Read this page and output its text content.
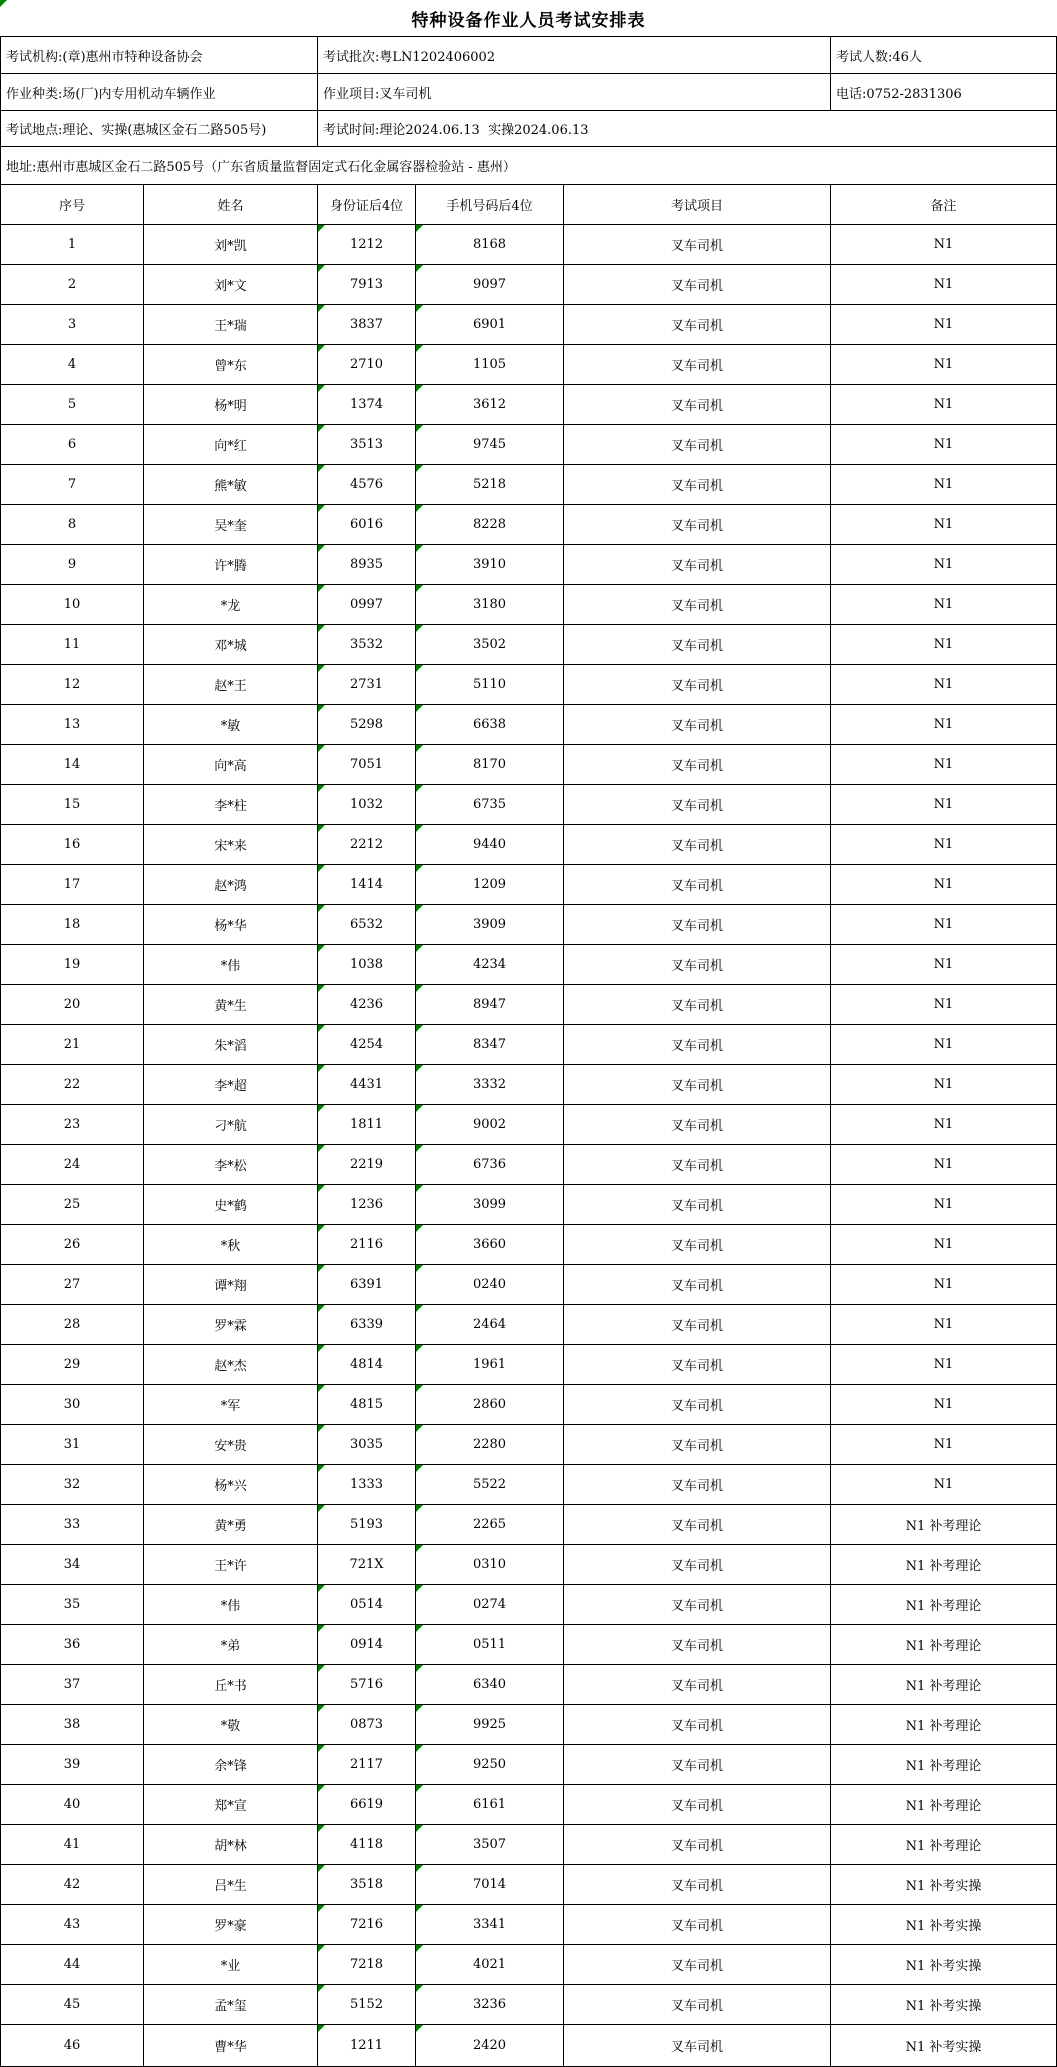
特种设备作业人员考试安排表
考试机构:(章)惠州市特种设备协会	考试批次:粤LN1202406002	考试人数:46人
作业种类:场(厂)内专用机动车辆作业	作业项目:叉车司机	电话:0752-2831306
考试地点:理论、实操(惠城区金石二路505号)	考试时间:理论2024.06.13  实操2024.06.13
地址:惠州市惠城区金石二路505号（广东省质量监督固定式石化金属容器检验站 - 惠州）
序号	姓名	身份证后4位	手机号码后4位	考试项目	备注
1	刘*凯	1212	8168	叉车司机	N1
2	刘*文	7913	9097	叉车司机	N1
3	王*瑞	3837	6901	叉车司机	N1
4	曾*东	2710	1105	叉车司机	N1
5	杨*明	1374	3612	叉车司机	N1
6	向*红	3513	9745	叉车司机	N1
7	熊*敏	4576	5218	叉车司机	N1
8	吴*奎	6016	8228	叉车司机	N1
9	许*腾	8935	3910	叉车司机	N1
10	*龙	0997	3180	叉车司机	N1
11	邓*城	3532	3502	叉车司机	N1
12	赵*王	2731	5110	叉车司机	N1
13	*敏	5298	6638	叉车司机	N1
14	向*高	7051	8170	叉车司机	N1
15	李*柱	1032	6735	叉车司机	N1
16	宋*来	2212	9440	叉车司机	N1
17	赵*鸿	1414	1209	叉车司机	N1
18	杨*华	6532	3909	叉车司机	N1
19	*伟	1038	4234	叉车司机	N1
20	黄*生	4236	8947	叉车司机	N1
21	朱*滔	4254	8347	叉车司机	N1
22	李*超	4431	3332	叉车司机	N1
23	刁*航	1811	9002	叉车司机	N1
24	李*松	2219	6736	叉车司机	N1
25	史*鹤	1236	3099	叉车司机	N1
26	*秋	2116	3660	叉车司机	N1
27	谭*翔	6391	0240	叉车司机	N1
28	罗*霖	6339	2464	叉车司机	N1
29	赵*杰	4814	1961	叉车司机	N1
30	*军	4815	2860	叉车司机	N1
31	安*贵	3035	2280	叉车司机	N1
32	杨*兴	1333	5522	叉车司机	N1
33	黄*勇	5193	2265	叉车司机	N1 补考理论
34	王*许	721X	0310	叉车司机	N1 补考理论
35	*伟	0514	0274	叉车司机	N1 补考理论
36	*弟	0914	0511	叉车司机	N1 补考理论
37	丘*书	5716	6340	叉车司机	N1 补考理论
38	*敬	0873	9925	叉车司机	N1 补考理论
39	余*锋	2117	9250	叉车司机	N1 补考理论
40	郑*宣	6619	6161	叉车司机	N1 补考理论
41	胡*林	4118	3507	叉车司机	N1 补考理论
42	吕*生	3518	7014	叉车司机	N1 补考实操
43	罗*豪	7216	3341	叉车司机	N1 补考实操
44	*业	7218	4021	叉车司机	N1 补考实操
45	孟*玺	5152	3236	叉车司机	N1 补考实操
46	曹*华	1211	2420	叉车司机	N1 补考实操
